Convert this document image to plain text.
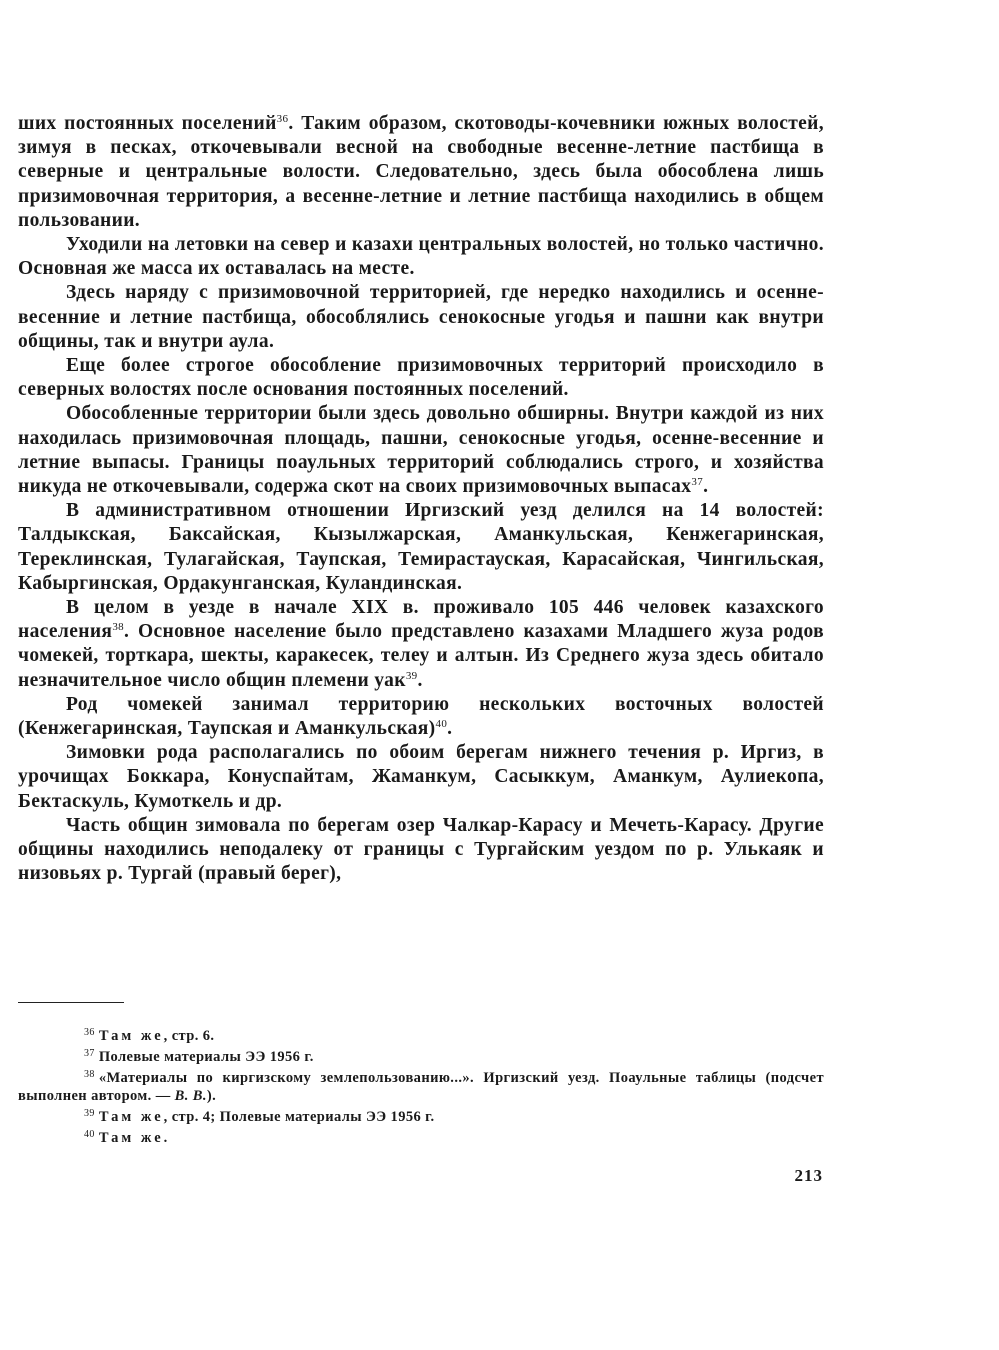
ших постоянных поселений$^{36}$. Таким образом, скотоводы-кочевники южных волостей, зимуя в песках, откочевывали весной на свободные весенне-летние пастбища в северные и центральные волости. Следовательно, здесь была обособлена лишь призимовочная территория, а весенне-летние и летние пастбища находились в общем пользовании.

Уходили на летовки на север и казахи центральных волостей, но только частично. Основная же масса их оставалась на месте.

Здесь наряду с призимовочной территорией, где нередко находились и осенне-весенние и летние пастбища, обособлялись сенокосные угодья и пашни как внутри общины, так и внутри аула.

Еще более строгое обособление призимовочных территорий происходило в северных волостях после основания постоянных поселений.

Обособленные территории были здесь довольно обширны. Внутри каждой из них находилась призимовочная площадь, пашни, сенокосные угодья, осенне-весенние и летние выпасы. Границы поаульных территорий соблюдались строго, и хозяйства никуда не откочевывали, содержа скот на своих призимовочных выпасах$^{37}$.

В административном отношении Иргизский уезд делился на 14 волостей: Талдыкская, Баксайская, Кызылжарская, Аманкульская, Кенжегаринская, Тереклинская, Тулагайская, Таупская, Темирастауская, Карасайская, Чингильская, Кабыргинская, Ордакунганская, Куландинская.

В целом в уезде в начале XIX в. проживало 105 446 человек казахского населения$^{38}$. Основное население было представлено казахами Младшего жуза родов чомекей, торткара, шекты, каракесек, телеу и алтын. Из Среднего жуза здесь обитало незначительное число общин племени уак$^{39}$.

Род чомекей занимал территорию нескольких восточных волостей (Кенжегаринская, Таупская и Аманкульская)$^{40}$.

Зимовки рода располагались по обоим берегам нижнего течения р. Иргиз, в урочищах Боккара, Конуспайтам, Жаманкум, Сасыккум, Аманкум, Аулиекопа, Бектаскуль, Кумоткель и др.

Часть общин зимовала по берегам озер Чалкар-Карасу и Мечеть-Карасу. Другие общины находились неподалеку от границы с Тургайским уездом по р. Улькаяк и низовьях р. Тургай (правый берег),

$^{36}$ Там же, стр. 6.

$^{37}$ Полевые материалы ЭЭ 1956 г.

$^{38}$ «Материалы по киргизскому землепользованию...». Иргизский уезд. Поаульные таблицы (подсчет выполнен автором. — В. В.).

$^{39}$ Там же, стр. 4; Полевые материалы ЭЭ 1956 г.

$^{40}$ Там же.

213
